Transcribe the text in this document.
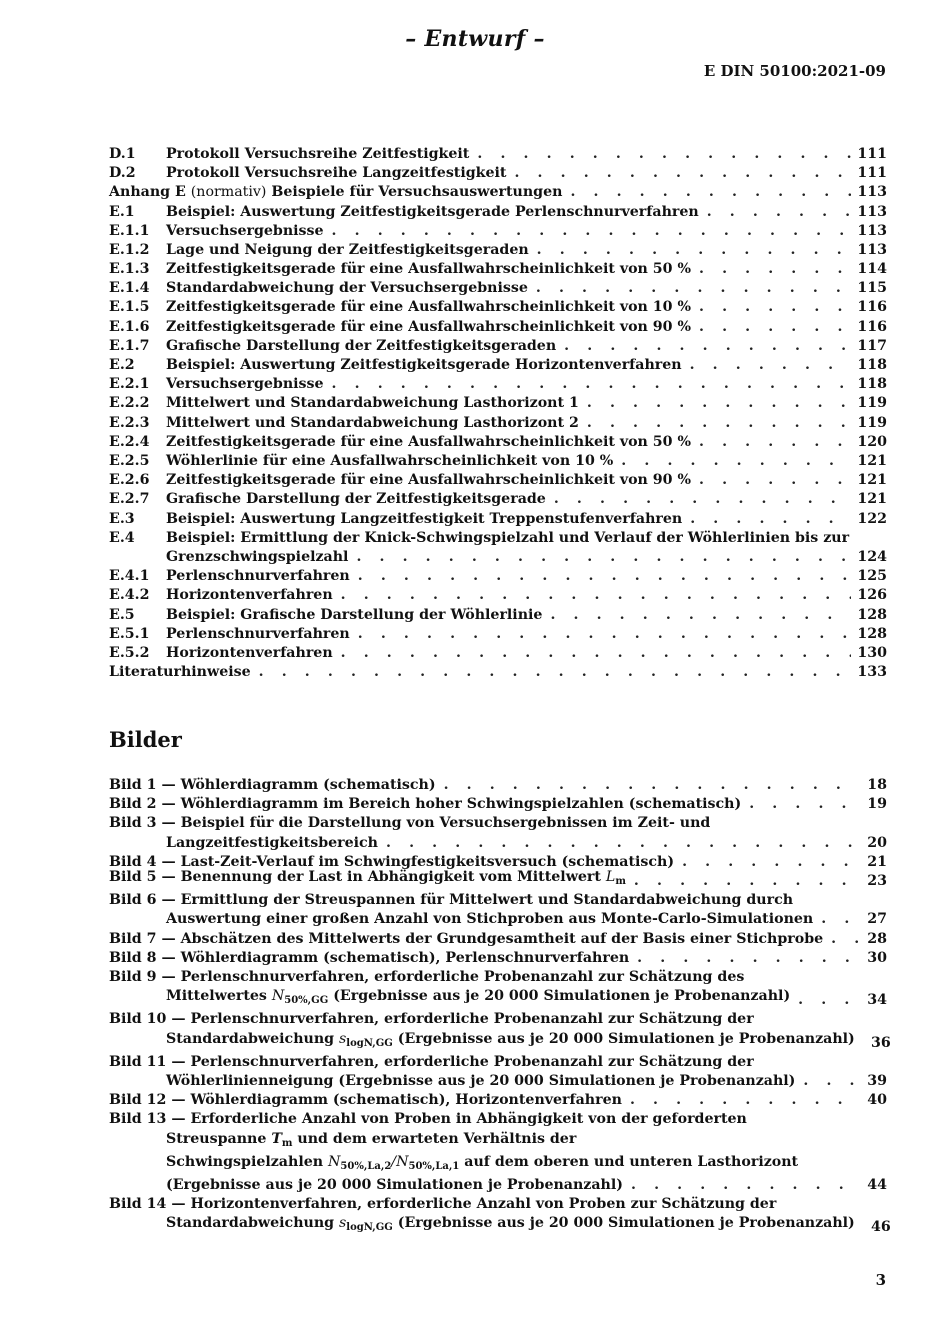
– Entwurf –
E DIN 50100:2021-09
D.1	Protokoll Versuchsreihe Zeitfestigkeit . . .	111
D.2	Protokoll Versuchsreihe Langzeitfestigkeit . . .	111
Anhang E (normativ) Beispiele für Versuchsauswertungen . . .	113
E.1	Beispiel: Auswertung Zeitfestigkeitsgerade Perlenschnurverfahren . . .	113
E.1.1	Versuchsergebnisse . . .	113
E.1.2	Lage und Neigung der Zeitfestigkeitsgeraden . . .	113
E.1.3	Zeitfestigkeitsgerade für eine Ausfallwahrscheinlichkeit von 50 % . . .	114
E.1.4	Standardabweichung der Versuchsergebnisse . . .	115
E.1.5	Zeitfestigkeitsgerade für eine Ausfallwahrscheinlichkeit von 10 % . . .	116
E.1.6	Zeitfestigkeitsgerade für eine Ausfallwahrscheinlichkeit von 90 % . . .	116
E.1.7	Grafische Darstellung der Zeitfestigkeitsgeraden . . .	117
E.2	Beispiel: Auswertung Zeitfestigkeitsgerade Horizontenverfahren . . .	118
E.2.1	Versuchsergebnisse . . .	118
E.2.2	Mittelwert und Standardabweichung Lasthorizont 1 . . .	119
E.2.3	Mittelwert und Standardabweichung Lasthorizont 2 . . .	119
E.2.4	Zeitfestigkeitsgerade für eine Ausfallwahrscheinlichkeit von 50 % . . .	120
E.2.5	Wöhlerlinie für eine Ausfallwahrscheinlichkeit von 10 % . . .	121
E.2.6	Zeitfestigkeitsgerade für eine Ausfallwahrscheinlichkeit von 90 % . . .	121
E.2.7	Grafische Darstellung der Zeitfestigkeitsgerade . . .	121
E.3	Beispiel: Auswertung Langzeitfestigkeit Treppenstufenverfahren . . .	122
E.4	Beispiel: Ermittlung der Knick-Schwingspielzahl und Verlauf der Wöhlerlinien bis zur
Grenzschwingspielzahl . . .	124
E.4.1	Perlenschnurverfahren . . .	125
E.4.2	Horizontenverfahren . . .	126
E.5	Beispiel: Grafische Darstellung der Wöhlerlinie . . .	128
E.5.1	Perlenschnurverfahren . . .	128
E.5.2	Horizontenverfahren . . .	130
Literaturhinweise . . .	133
Bilder
Bild 1 — Wöhlerdiagramm (schematisch) . . .	18
Bild 2 — Wöhlerdiagramm im Bereich hoher Schwingspielzahlen (schematisch) . . .	19
Bild 3 — Beispiel für die Darstellung von Versuchsergebnissen im Zeit- und
Langzeitfestigkeitsbereich . . .	20
Bild 4 — Last-Zeit-Verlauf im Schwingfestigkeitsversuch (schematisch) . . .	21
Bild 5 — Benennung der Last in Abhängigkeit vom Mittelwert $L_m$ . . .	23
Bild 6 — Ermittlung der Streuspannen für Mittelwert und Standardabweichung durch
Auswertung einer großen Anzahl von Stichproben aus Monte-Carlo-Simulationen . . .	27
Bild 7 — Abschätzen des Mittelwerts der Grundgesamtheit auf der Basis einer Stichprobe . . .	28
Bild 8 — Wöhlerdiagramm (schematisch), Perlenschnurverfahren . . .	30
Bild 9 — Perlenschnurverfahren, erforderliche Probenanzahl zur Schätzung des
Mittelwertes $N_{50\%,GG}$ (Ergebnisse aus je 20 000 Simulationen je Probenanzahl) . . .	34
Bild 10 — Perlenschnurverfahren, erforderliche Probenanzahl zur Schätzung der
Standardabweichung $s_{logN,GG}$ (Ergebnisse aus je 20 000 Simulationen je Probenanzahl) 36
Bild 11 — Perlenschnurverfahren, erforderliche Probenanzahl zur Schätzung der
Wöhlerlinienneigung (Ergebnisse aus je 20 000 Simulationen je Probenanzahl) . . .	39
Bild 12 — Wöhlerdiagramm (schematisch), Horizontenverfahren . . .	40
Bild 13 — Erforderliche Anzahl von Proben in Abhängigkeit von der geforderten
Streuspanne $T_m$ und dem erwarteten Verhältnis der
Schwingspielzahlen $N_{50\%,La,2}/N_{50\%,La,1}$ auf dem oberen und unteren Lasthorizont
(Ergebnisse aus je 20 000 Simulationen je Probenanzahl) . . .	44
Bild 14 — Horizontenverfahren, erforderliche Anzahl von Proben zur Schätzung der
Standardabweichung $s_{logN,GG}$ (Ergebnisse aus je 20 000 Simulationen je Probenanzahl) 46
3
